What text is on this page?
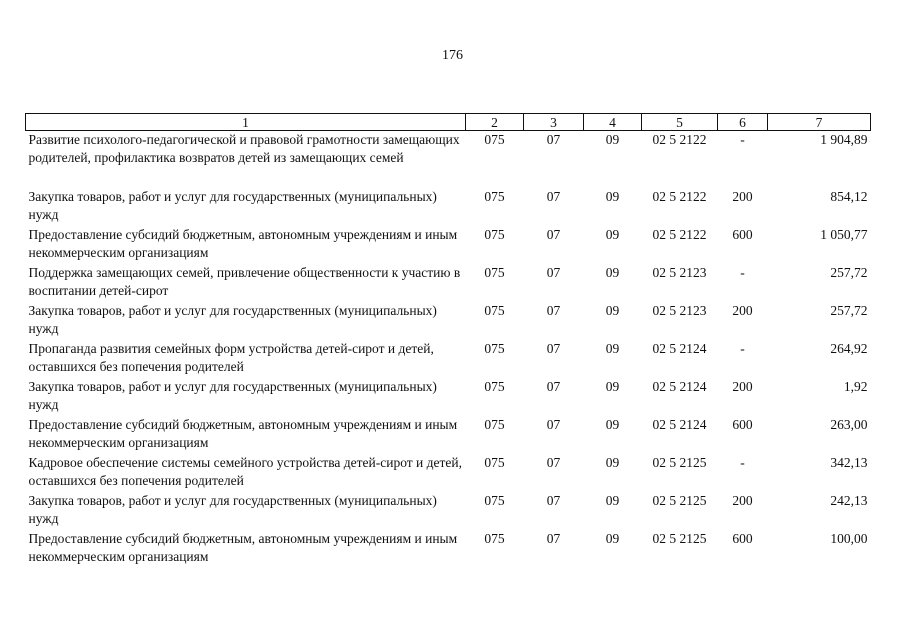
176
1	2	3	4	5	6	7
Развитие психолого-педагогической и правовой грамотности замещающих родителей, профилактика возвратов детей из замещающих семей	075	07	09	02 5 2122	-	1 904,89
Закупка товаров, работ и услуг для государственных (муниципальных) нужд	075	07	09	02 5 2122	200	854,12
Предоставление субсидий бюджетным, автономным учреждениям и иным некоммерческим организациям	075	07	09	02 5 2122	600	1 050,77
Поддержка замещающих семей, привлечение общественности к участию в воспитании детей-сирот	075	07	09	02 5 2123	-	257,72
Закупка товаров, работ и услуг для государственных (муниципальных) нужд	075	07	09	02 5 2123	200	257,72
Пропаганда развития семейных форм устройства детей-сирот и детей, оставшихся без попечения родителей	075	07	09	02 5 2124	-	264,92
Закупка товаров, работ и услуг для государственных (муниципальных) нужд	075	07	09	02 5 2124	200	1,92
Предоставление субсидий бюджетным, автономным учреждениям и иным некоммерческим организациям	075	07	09	02 5 2124	600	263,00
Кадровое обеспечение системы семейного устройства детей-сирот и детей, оставшихся без попечения родителей	075	07	09	02 5 2125	-	342,13
Закупка товаров, работ и услуг для государственных (муниципальных) нужд	075	07	09	02 5 2125	200	242,13
Предоставление субсидий бюджетным, автономным учреждениям и иным некоммерческим организациям	075	07	09	02 5 2125	600	100,00
